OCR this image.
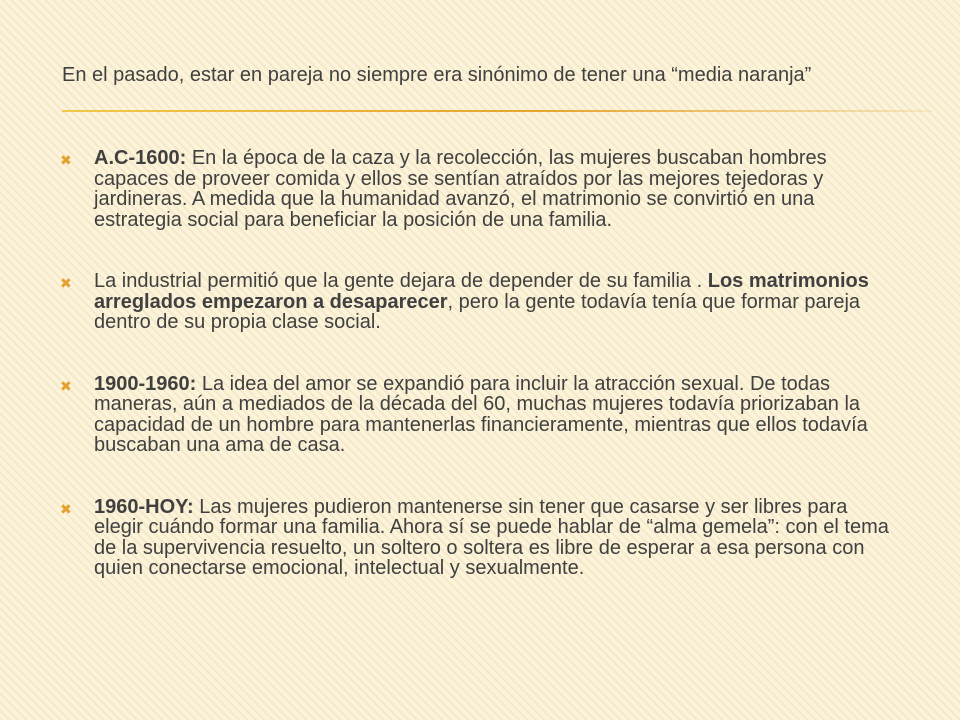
En el pasado, estar en pareja no siempre era sinónimo de tener una “media naranja”
✖	A.C-1600: En la época de la caza y la recolección, las mujeres buscaban hombres capaces de proveer comida y ellos se sentían atraídos por las mejores tejedoras y jardineras. A medida que la humanidad avanzó, el matrimonio se convirtió en una estrategia social para beneficiar la posición de una familia.
✖	La industrial permitió que la gente dejara de depender de su familia . Los matrimonios arreglados empezaron a desaparecer, pero la gente todavía tenía que formar pareja dentro de su propia clase social.
✖	1900-1960: La idea del amor se expandió para incluir la atracción sexual. De todas maneras, aún a mediados de la década del 60, muchas mujeres todavía priorizaban la capacidad de un hombre para mantenerlas financieramente, mientras que ellos todavía buscaban una ama de casa.
✖	1960-HOY: Las mujeres pudieron mantenerse sin tener que casarse y ser libres para elegir cuándo formar una familia. Ahora sí se puede hablar de “alma gemela”: con el tema de la supervivencia resuelto, un soltero o soltera es libre de esperar a esa persona con quien conectarse emocional, intelectual y sexualmente.
